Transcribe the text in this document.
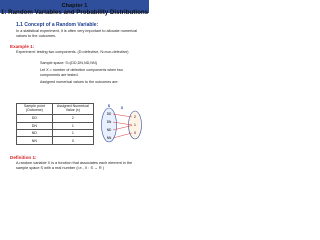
Chapter 1
1: Random Variables and Probability Distributions
1.1 Concept of a Random Variable:
In a statistical experiment, it is often very important to allocate numerical values to the outcomes.
Example 1:
Experiment: testing two components. (D=defective, N=non-defective)
Sample space: S={DD,DN,ND,NN}
Let X = number of defective components when two components are tested.
Assigned numerical values to the outcomes are:
Sample point (Outcome)	Assigned Numerical Value (x)
DD	2
DN	1
ND	1
NN	0
S	X
DD
DN
ND
NN
2
1
0
Definition 1:
A random variable X is a function that associates each element in the sample space S with a real number (i.e., X : S → R )
